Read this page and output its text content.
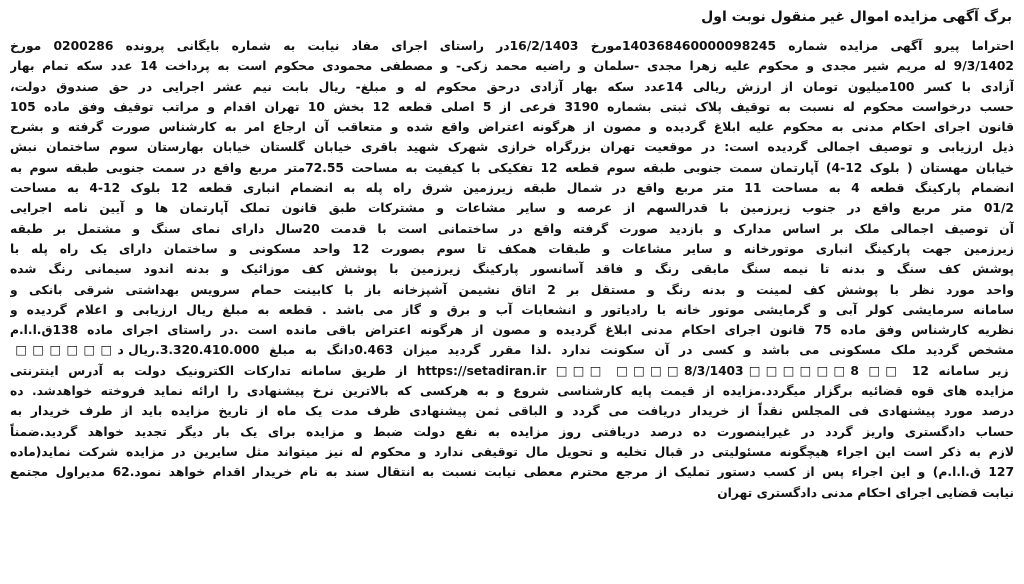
برگ آگهی مزایده اموال غیر منقول نوبت اول
احتراما پیرو آگهی مزایده شماره 140368460000098245مورخ 16/2/1403در راستای اجرای مفاد نیابت به شماره بایگانی پرونده 0200286 مورخ
9/3/1402 له مریم شیر مجدی و محکوم علیه زهرا مجدی -سلمان و راضیه محمد زکی- و مصطفی محمودی محکوم است به پرداخت 14 عدد سکه تمام بهار
آزادی با کسر 100میلیون تومان از ارزش ریالی 14عدد سکه بهار آزادی درحق محکوم له و مبلغ- ریال بابت نیم عشر اجرایی در حق صندوق دولت،
حسب درخواست محکوم له نسبت به توقیف پلاک ثبتی بشماره 3190 فرعی از 5 اصلی قطعه 12 بخش 10 تهران اقدام و مراتب توقیف وفق ماده 105
قانون اجرای احکام مدنی به محکوم علیه ابلاغ گردیده و مصون از هرگونه اعتراض واقع شده و متعاقب آن ارجاع امر به کارشناس صورت گرفته و بشرح
ذیل ارزیابی و توصیف اجمالی گردیده است: در موقعیت تهران بزرگراه خرازی شهرک شهید باقری خیابان گلستان خیابان بهارستان سوم ساختمان نبش
خیابان مهستان ( بلوک 12-4) آپارتمان سمت جنوبی طبقه سوم قطعه 12 تفکیکی با کیفیت به مساحت 72.55متر مربع واقع در سمت جنوبی طبقه سوم به
انضمام پارکینگ قطعه 4 به مساحت 11 متر مربع واقع در شمال طبقه زیرزمین شرق راه پله به انضمام انباری قطعه 12 بلوک 12-4 به مساحت
01/2 متر مربع واقع در جنوب زیرزمین با قدرالسهم از عرصه و سایر مشاعات و مشترکات طبق قانون تملک آپارتمان ها و آیین نامه اجرایی
آن توصیف اجمالی ملک بر اساس مدارک و بازدید صورت گرفته واقع در ساختمانی است با قدمت 20سال دارای نمای سنگ و مشتمل بر طبقه
زیرزمین جهت پارکینگ انباری موتورخانه و سایر مشاعات و طبقات همکف تا سوم بصورت 12 واحد مسکونی و ساختمان دارای یک راه پله با
پوشش کف سنگ و بدنه تا نیمه سنگ مابقی رنگ و فاقد آسانسور پارکینگ زیرزمین با پوشش کف موزائیک و بدنه اندود سیمانی رنگ شده
واحد مورد نظر با پوشش کف لمینت و بدنه رنگ و مستقل بر 2 اتاق نشیمن آشپزخانه باز با کابینت حمام سرویس بهداشتی شرقی بانکی و
سامانه سرمایشی کولر آبی و گرمایشی موتور خانه با رادیاتور و انشعابات آب و برق و گاز می باشد . قطعه به مبلغ ریال ارزیابی و اعلام گردیده و
نظریه کارشناس وفق ماده 75 قانون اجرای احکام مدنی ابلاغ گردیده و مصون از هرگونه اعتراض باقی مانده است .در راستای اجرای ماده 138ق.ا.ا.م
مشخص گردید ملک مسکونی می باشد و کسی در آن سکونت ندارد .لذا مقرر گردید میزان 0.463دانگ به مبلغ 3.320.410.000.ریال د□□□□□□
زیر سامانه https://setadiran.ir □□□ □□□□8/3/1403□□□□□□8 □□ 12 از طریق سامانه تدارکات الکترونیک دولت به آدرس اینترنتی
مزایده های قوه قضائیه برگزار میگردد.مزایده از قیمت پایه کارشناسی شروع و به هرکسی که بالاترین نرخ پیشنهادی را ارائه نماید فروخته خواهدشد. ده
درصد مورد پیشنهادی فی المجلس نقداً از خریدار دریافت می گردد و الباقی ثمن پیشنهادی ظرف مدت یک ماه از تاریخ مزایده باید از طرف خریدار به
حساب دادگستری واریز گردد در غیراینصورت ده درصد دریافتی روز مزایده به نفع دولت ضبط و مزایده برای یک بار دیگر تجدید خواهد گردید.ضمناً
لازم به ذکر است این اجراء هیچگونه مسئولیتی در قبال تخلیه و تحویل مال توقیفی ندارد و محکوم له نیز میتواند مثل سایرین در مزایده شرکت نماید(ماده
127 ق.ا.ا.م) و این اجراء پس از کسب دستور تملیک از مرجع محترم معطی نیابت نسبت به انتقال سند به نام خریدار اقدام خواهد نمود.62 مدیراول مجتمع
نیابت قضایی اجرای احکام مدنی دادگستری تهران
